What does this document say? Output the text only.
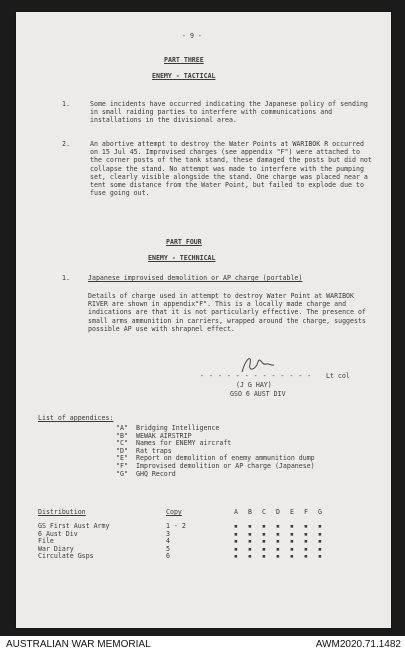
- 9 -
PART THREE
ENEMY - TACTICAL
1.	Some incidents have occurred indicating the Japanese policy of sending in small raiding parties to interfere with communications and installations in the divisional area.
2.	An abortive attempt to destroy the Water Points at WARIBOK R occurred on 15 Jul 45. Improvised charges (see appendix "F") were attached to the corner posts of the tank stand, these damaged the posts but did not collapse the stand. No attempt was made to interfere with the pumping set, clearly visible alongside the stand. One charge was placed near a tent some distance from the Water Point, but failed to explode due to fuse going out.
PART FOUR
ENEMY - TECHNICAL
1.	Japanese improvised demolition or AP charge (portable)
Details of charge used in attempt to destroy Water Point at WARIBOK RIVER are shown in appendix"F". This is a locally made charge and indications are that it is not particularly effective. The presence of small arms ammunition in carriers, wrapped around the charge, suggests possible AP use with shrapnel effect.
- - - - - - - - - - - - - Lt col
(J G HAY)
GSO 6 AUST DIV
List of appendices:
"A" Bridging Intelligence
"B" WEWAK AIRSTRIP
"C" Names for ENEMY aircraft
"D" Rat traps
"E" Report on demolition of enemy ammunition dump
"F" Improvised demolition or AP charge (Japanese)
"G" GHQ Record
Distribution	Copy	A B C D E F G
GS First Aust Army	1 - 2	▪ ▪ ▪ ▪ ▪ ▪ ▪
6 Aust Div	3	▪ ▪ ▪ ▪ ▪ ▪ ▪
File	4	▪ ▪ ▪ ▪ ▪ ▪ ▪
War Diary	5	▪ ▪ ▪ ▪ ▪ ▪ ▪
Circulate Gsps	6	▪ ▪ ▪ ▪ ▪ ▪ ▪
AUSTRALIAN WAR MEMORIAL	AWM2020.71.1482
